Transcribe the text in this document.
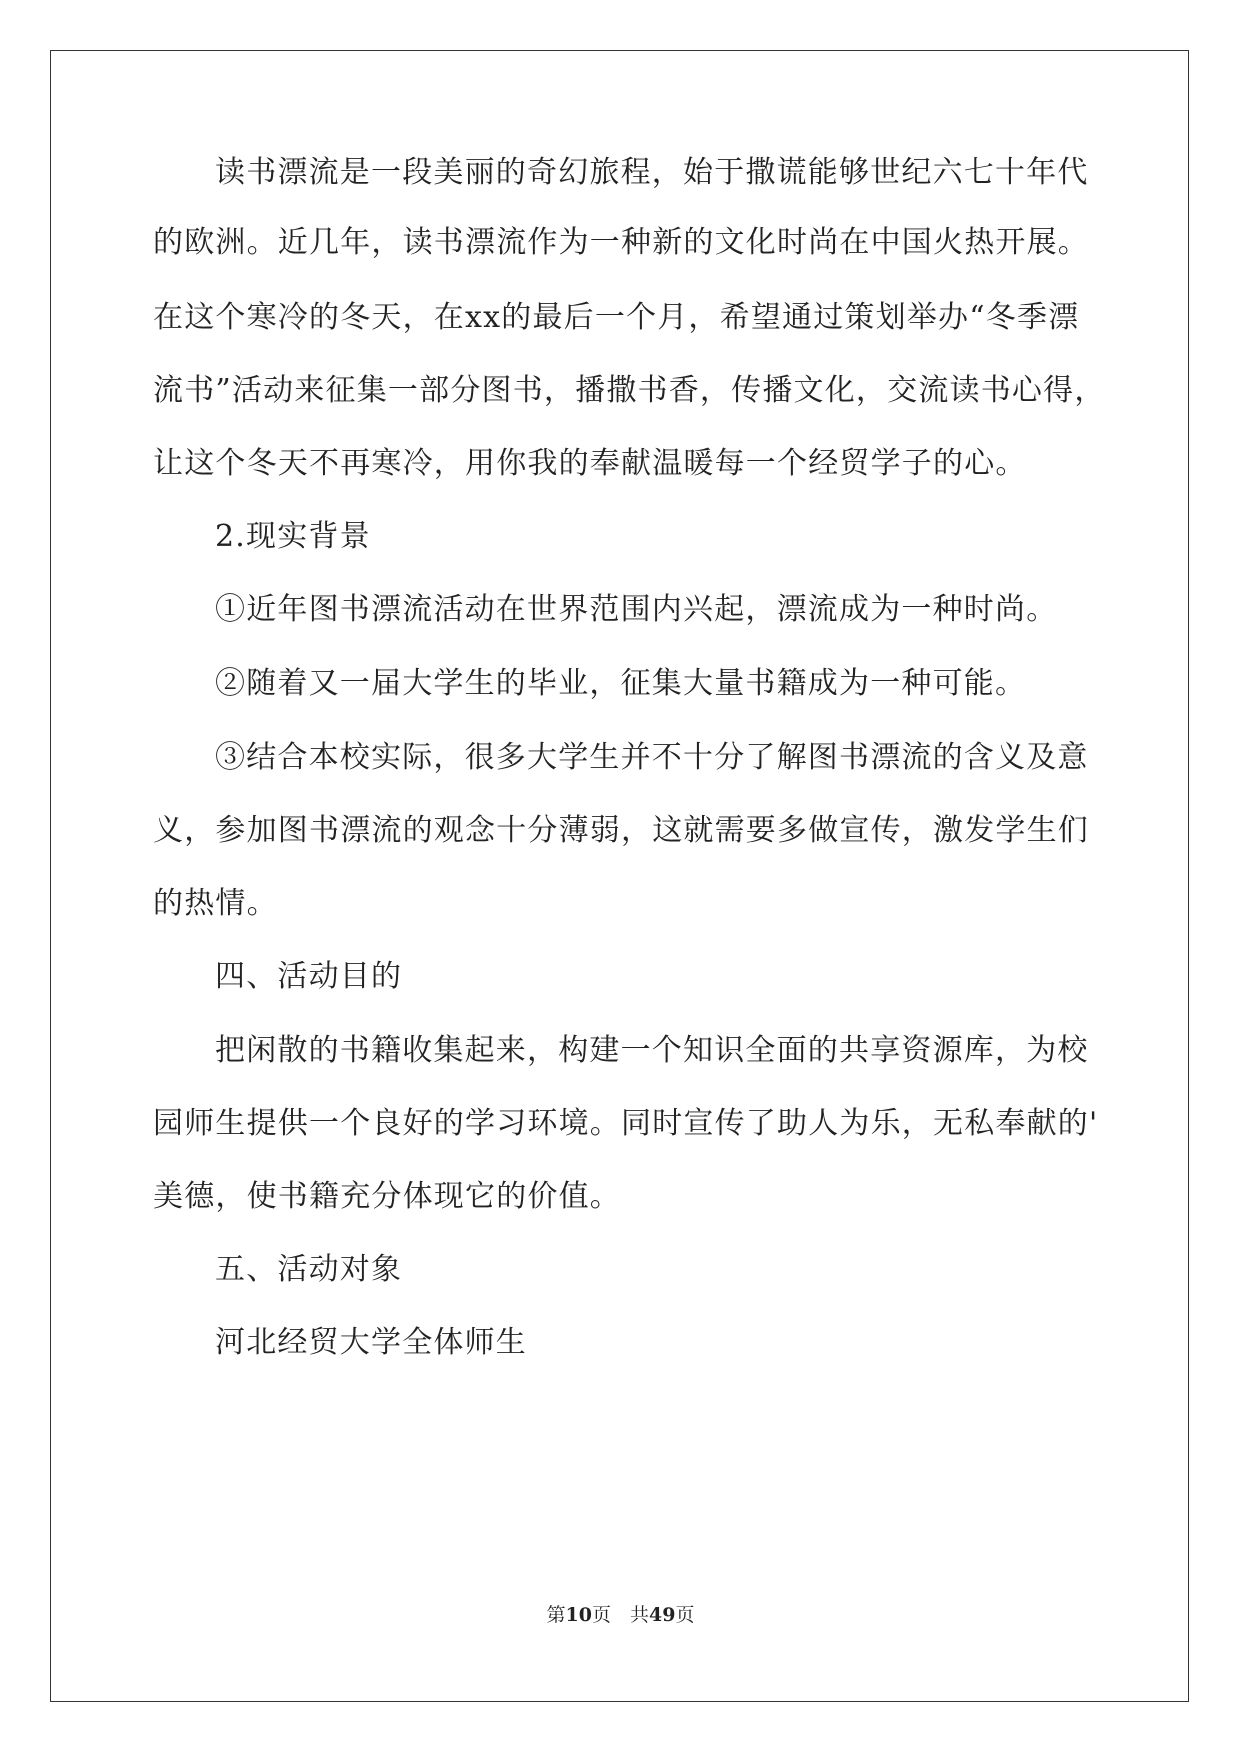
读书漂流是一段美丽的奇幻旅程，始于撒谎能够世纪六七十年代
的欧洲。近几年，读书漂流作为一种新的文化时尚在中国火热开展。
在这个寒冷的冬天，在xx的最后一个月，希望通过策划举办“冬季漂
流书”活动来征集一部分图书，播撒书香，传播文化，交流读书心得，
让这个冬天不再寒冷，用你我的奉献温暖每一个经贸学子的心。
2.现实背景
①近年图书漂流活动在世界范围内兴起，漂流成为一种时尚。
②随着又一届大学生的毕业，征集大量书籍成为一种可能。
③结合本校实际，很多大学生并不十分了解图书漂流的含义及意
义，参加图书漂流的观念十分薄弱，这就需要多做宣传，激发学生们
的热情。
四、活动目的
把闲散的书籍收集起来，构建一个知识全面的共享资源库，为校
园师生提供一个良好的学习环境。同时宣传了助人为乐，无私奉献的'
美德，使书籍充分体现它的价值。
五、活动对象
河北经贸大学全体师生
第10页　共49页
